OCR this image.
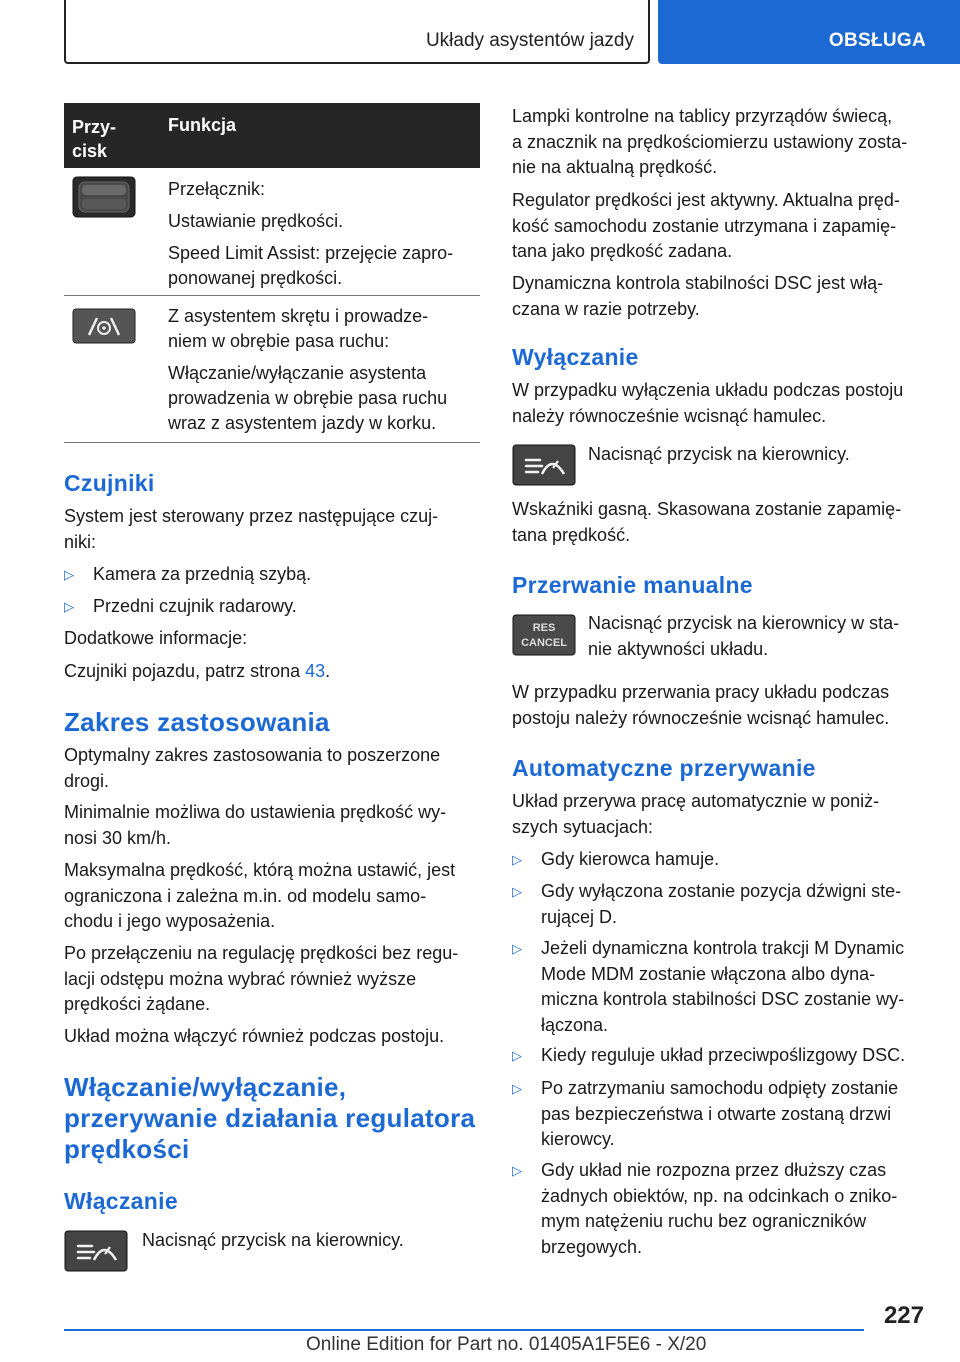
Układy asystentów jazdy	OBSŁUGA
Przy-
cisk
Funkcja

Przełącznik:

Ustawianie prędkości.

Speed Limit Assist: przejęcie zapro-
ponowanej prędkości.

Z asystentem skrętu i prowadze-
niem w obrębie pasa ruchu:

Włączanie/wyłączanie asystenta
prowadzenia w obrębie pasa ruchu
wraz z asystentem jazdy w korku.

Czujniki
System jest sterowany przez następujące czuj-
niki:
▷ Kamera za przednią szybą.
▷ Przedni czujnik radarowy.
Dodatkowe informacje:
Czujniki pojazdu, patrz strona 43.
Zakres zastosowania
Optymalny zakres zastosowania to poszerzone
drogi.
Minimalnie możliwa do ustawienia prędkość wy-
nosi 30 km/h.
Maksymalna prędkość, którą można ustawić, jest
ograniczona i zależna m.in. od modelu samo-
chodu i jego wyposażenia.
Po przełączeniu na regulację prędkości bez regu-
lacji odstępu można wybrać również wyższe
prędkości żądane.
Układ można włączyć również podczas postoju.
Włączanie/wyłączanie,
przerywanie działania regulatora
prędkości
Włączanie
Nacisnąć przycisk na kierownicy.
Lampki kontrolne na tablicy przyrządów świecą,
a znacznik na prędkościomierzu ustawiony zosta-
nie na aktualną prędkość.
Regulator prędkości jest aktywny. Aktualna pręd-
kość samochodu zostanie utrzymana i zapamię-
tana jako prędkość zadana.
Dynamiczna kontrola stabilności DSC jest włą-
czana w razie potrzeby.
Wyłączanie
W przypadku wyłączenia układu podczas postoju
należy równocześnie wcisnąć hamulec.
Nacisnąć przycisk na kierownicy.
Wskaźniki gasną. Skasowana zostanie zapamię-
tana prędkość.
Przerwanie manualne
RES
CANCEL
Nacisnąć przycisk na kierownicy w sta-
nie aktywności układu.
W przypadku przerwania pracy układu podczas
postoju należy równocześnie wcisnąć hamulec.
Automatyczne przerywanie
Układ przerywa pracę automatycznie w poniż-
szych sytuacjach:
▷ Gdy kierowca hamuje.
▷ Gdy wyłączona zostanie pozycja dźwigni ste-
rującej D.
▷ Jeżeli dynamiczna kontrola trakcji M Dynamic
Mode MDM zostanie włączona albo dyna-
miczna kontrola stabilności DSC zostanie wy-
łączona.
▷ Kiedy reguluje układ przeciwpoślizgowy DSC.
▷ Po zatrzymaniu samochodu odpięty zostanie
pas bezpieczeństwa i otwarte zostaną drzwi
kierowcy.
▷ Gdy układ nie rozpozna przez dłuższy czas
żadnych obiektów, np. na odcinkach o zniko-
mym natężeniu ruchu bez ograniczników
brzegowych.
227
Online Edition for Part no. 01405A1F5E6 - X/20
